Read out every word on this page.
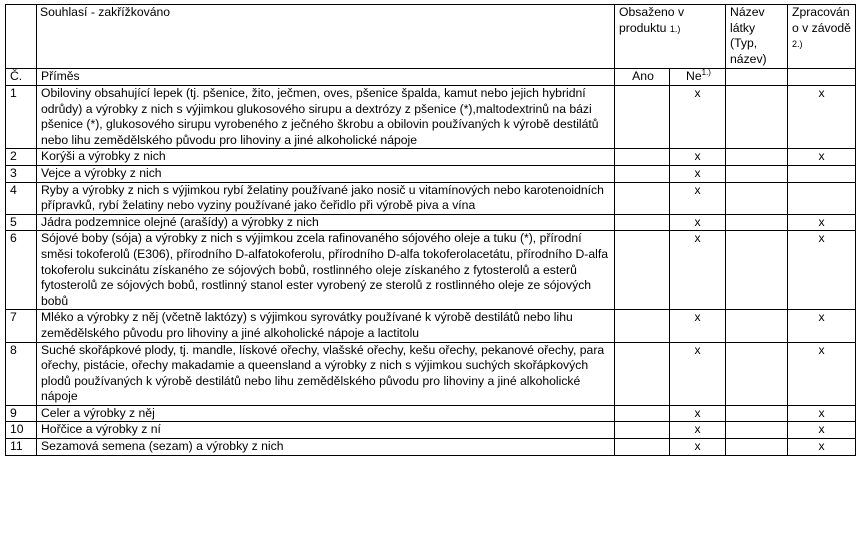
	Souhlasí - zakřížkováno	Obsaženo v produktu 1.)		Název látky (Typ, název)	Zpracováno v závodě 2.)
Č.	Příměs	Ano	$Ne^{1.)}$		
1	Obiloviny obsahující lepek (tj. pšenice, žito, ječmen, oves, pšenice špalda, kamut nebo jejich hybridní odrůdy) a výrobky z nich s výjimkou glukosového sirupu a dextrózy z pšenice (*),maltodextrinů na bázi pšenice (*), glukosového sirupu vyrobeného z ječného škrobu a obilovin používaných k výrobě destilátů nebo lihu zemědělského původu pro lihoviny a jiné alkoholické nápoje		x		x
2	Korýši a výrobky z nich		x		x
3	Vejce a výrobky z nich		x		
4	Ryby a výrobky z nich s výjimkou rybí želatiny používané jako nosič u vitamínových nebo karotenoidních přípravků, rybí želatiny nebo vyziny používané jako čeřidlo při výrobě piva a vína		x		
5	Jádra podzemnice olejné (arašídy) a výrobky z nich		x		x
6	Sójové boby (sója) a výrobky z nich s výjimkou zcela rafinovaného sójového oleje a tuku (*), přírodní směsi tokoferolů (E306), přírodního D-alfatokoferolu, přírodního D-alfa tokoferolacetátu, přírodního D-alfa tokoferolu sukcinátu získaného ze sójových bobů, rostlinného oleje získaného z fytosterolů a esterů fytosterolů ze sójových bobů, rostlinný stanol ester vyrobený ze sterolů z rostlinného oleje ze sójových bobů		x		x
7	Mléko a výrobky z něj (včetně laktózy) s výjimkou syrovátky používané k výrobě destilátů nebo lihu zemědělského původu pro lihoviny a jiné alkoholické nápoje a lactitolu		x		x
8	Suché skořápkové plody, tj. mandle, lískové ořechy, vlašské ořechy, kešu ořechy, pekanové ořechy, para ořechy, pistácie, ořechy makadamie a queensland a výrobky z nich s výjimkou suchých skořápkových plodů používaných k výrobě destilátů nebo lihu zemědělského původu pro lihoviny a jiné alkoholické nápoje		x		x
9	Celer a výrobky z něj		x		x
10	Hořčice a výrobky z ní		x		x
11	Sezamová semena (sezam) a výrobky z nich		x		x
